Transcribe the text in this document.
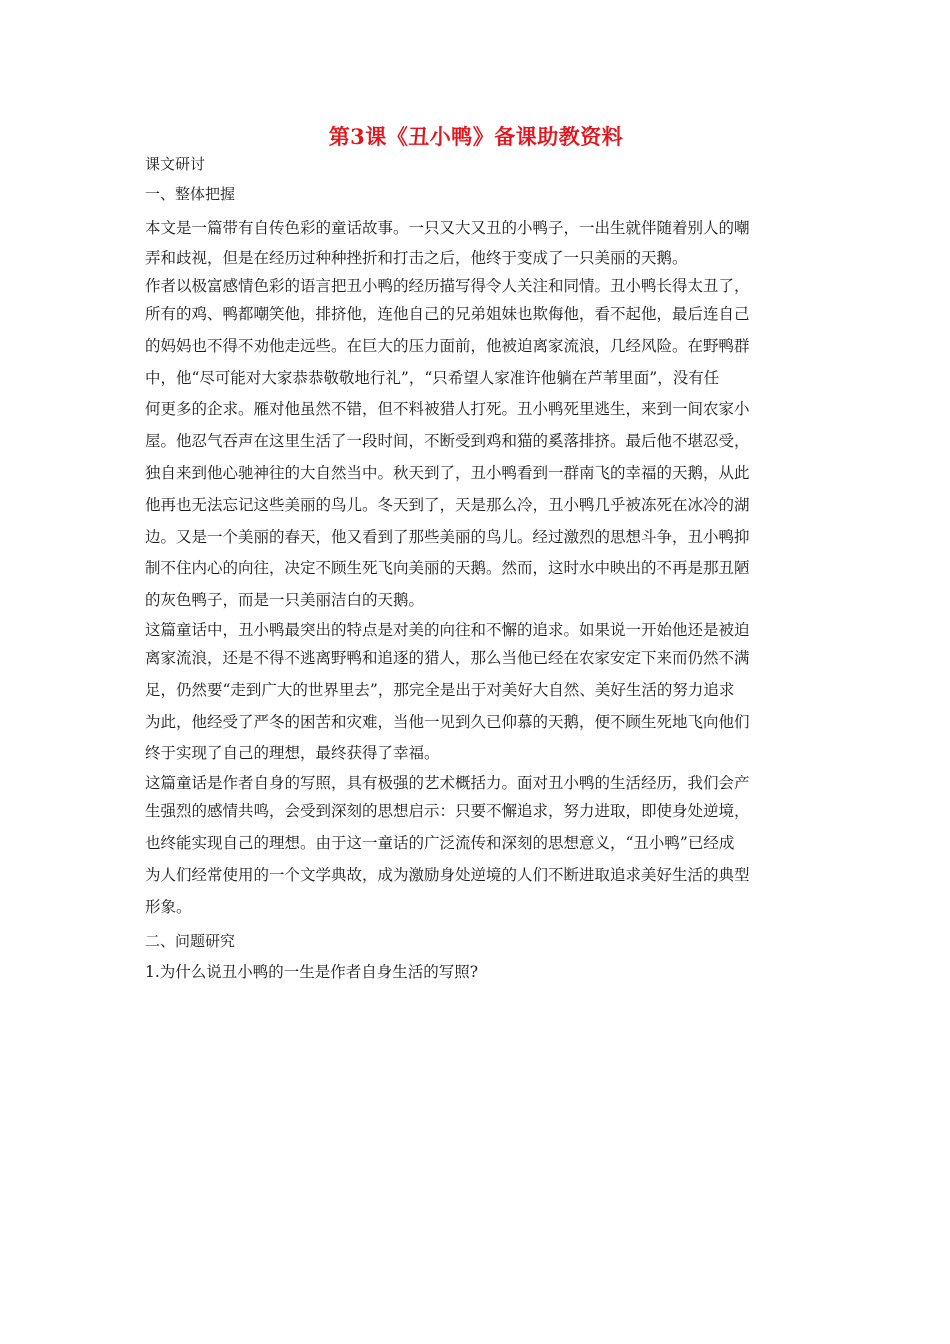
第3课《丑小鸭》备课助教资料
课文研讨
一、整体把握
本文是一篇带有自传色彩的童话故事。一只又大又丑的小鸭子，一出生就伴随着别人的嘲
弄和歧视，但是在经历过种种挫折和打击之后，他终于变成了一只美丽的天鹅。
作者以极富感情色彩的语言把丑小鸭的经历描写得令人关注和同情。丑小鸭长得太丑了，
所有的鸡、鸭都嘲笑他，排挤他，连他自己的兄弟姐妹也欺侮他，看不起他，最后连自己
的妈妈也不得不劝他走远些。在巨大的压力面前，他被迫离家流浪，几经风险。在野鸭群
中，他“尽可能对大家恭恭敬敬地行礼”，“只希望人家准许他躺在芦苇里面”，没有任
何更多的企求。雁对他虽然不错，但不料被猎人打死。丑小鸭死里逃生，来到一间农家小
屋。他忍气吞声在这里生活了一段时间，不断受到鸡和猫的奚落排挤。最后他不堪忍受，
独自来到他心驰神往的大自然当中。秋天到了，丑小鸭看到一群南飞的幸福的天鹅，从此
他再也无法忘记这些美丽的鸟儿。冬天到了，天是那么冷，丑小鸭几乎被冻死在冰冷的湖
边。又是一个美丽的春天，他又看到了那些美丽的鸟儿。经过激烈的思想斗争，丑小鸭抑
制不住内心的向往，决定不顾生死飞向美丽的天鹅。然而，这时水中映出的不再是那丑陋
的灰色鸭子，而是一只美丽洁白的天鹅。
这篇童话中，丑小鸭最突出的特点是对美的向往和不懈的追求。如果说一开始他还是被迫
离家流浪，还是不得不逃离野鸭和追逐的猎人，那么当他已经在农家安定下来而仍然不满
足，仍然要“走到广大的世界里去”，那完全是出于对美好大自然、美好生活的努力追求
为此，他经受了严冬的困苦和灾难，当他一见到久已仰慕的天鹅，便不顾生死地飞向他们
终于实现了自己的理想，最终获得了幸福。
这篇童话是作者自身的写照，具有极强的艺术概括力。面对丑小鸭的生活经历，我们会产
生强烈的感情共鸣，会受到深刻的思想启示：只要不懈追求，努力进取，即使身处逆境，
也终能实现自己的理想。由于这一童话的广泛流传和深刻的思想意义，“丑小鸭”已经成
为人们经常使用的一个文学典故，成为激励身处逆境的人们不断进取追求美好生活的典型
形象。
二、问题研究
1.为什么说丑小鸭的一生是作者自身生活的写照?
